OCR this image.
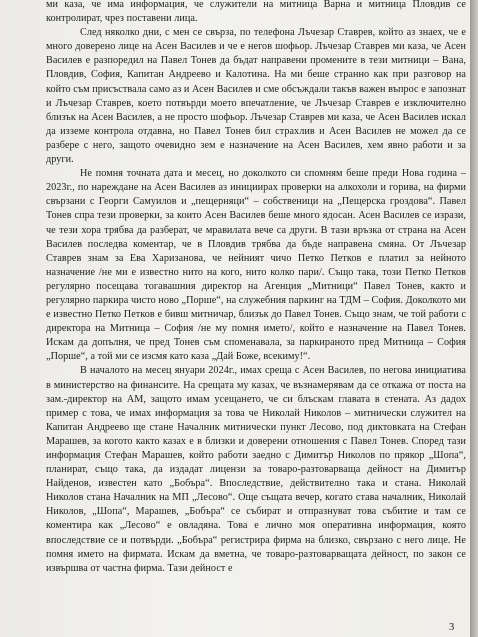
ми каза, че има информация, че служители на митница Варна и митница Пловдив се контролират, чрез поставени лица.

След няколко дни, с мен се свързa, по телефона Лъчезар Ставрев, който аз знаех, че е много доверено лице на Асен Василев и че е негов шофьор. Лъчезар Ставрев ми каза, че Асен Василев е разпоредил на Павел Тонев да бъдат направени промените в тези митници – Вана, Пловдив, София, Капитан Андреево и Калотина. На ми беше странно как при разговор на който съм присъствала само аз и Асен Василев и сме обсъждали такъв важен въпрос е запознат и Лъчезар Ставрев, което потвърди моето впечатление, че Лъчезар Ставрев е изключително близък на Асен Василев, а не просто шофьор. Лъчезар Ставрев ми каза, че Асен Василев искал да изземе контрола отдавна, но Павел Тонев бил страхлив и Асен Василев не можел да се разбере с него, защото очевидно зем е назначение на Асен Василев, хем явно работи и за други.

Не помня точната дата и месец, но доколкото си спомням беше преди Нова година – 2023г., по нареждане на Асен Василев аз инициирах проверки на алкохоли и горива, на фирми свързани с Георги Самуилов и „пещерняци“ – собственици на „Пещерска гроздова“. Павел Тонев спра тези проверки, за които Асен Василев беше много ядосан. Асен Василев се изрази, че тези хора трябва да разберат, че мравилата вече са други. В тази връзка от страна на Асен Василев последва коментар, че в Пловдив трябва да бъде направена смяна. От Лъчезар Ставрев знам за Ева Харизанова, че нейният чичо Петко Петков е платил за нейното назначение /не ми е известно нито на кого, нито колко пари/. Също така, този Петко Петков регулярно посещава тогавашния директор на Агенция „Митници“ Павел Тонев, както и регулярно паркира чисто ново „Порше“, на служебния паркинг на ТДМ – София. Доколкото ми е известно Петко Петков е бивш митничар, близък до Павел Тонев. Също знам, че той работи с директора на Митница – София /не му помня името/, който е назначение на Павел Тонев. Искам да допълня, че пред Тонев съм споменавала, за паркираното пред Митница – София „Порше“, а той ми се изсмя като каза „Дай Боже, всекиму!“.

В началото на месец януари 2024г., имах среща с Асен Василев, по негова инициатива в министерство на финансите. На срещата му казах, че възнамерявам да се откажа от поста на зам.-директор на АМ, защото имам усещането, че си блъскам главата в стената. Аз дадох пример с това, че имах информация за това че Николай Николов – митнически служител на Капитан Андреево ще стане Началник митнически пункт Лесово, под диктовката на Стефан Марашев, за когото както казах е в близки и доверени отношения с Павел Тонев. Според тази информация Стефан Марашев, който работи заедно с Димитър Николов по прякор „Шопа“, планират, също така, да издадат лицензи за товаро-разтоварваща дейност на Димитър Найденов, известен като „Бобъра“. Впоследствие, действително така и стана. Николай Николов стана Началник на МП „Лесово“. Още същата вечер, когато става началник, Николай Николов, „Шопа“, Марашев, „Бобъра“ се събират и отпразнуват това събитие и там се коментира как „Лесово“ е овладяна. Това е лично моя оперативна информация, която впоследствие се и потвърди. „Бобъра“ регистрира фирма на близко, свързано с него лице. Не помня името на фирмата. Искам да вметна, че товаро-разтоварващата дейност, по закон се извършва от частна фирма. Тази дейност е

3
